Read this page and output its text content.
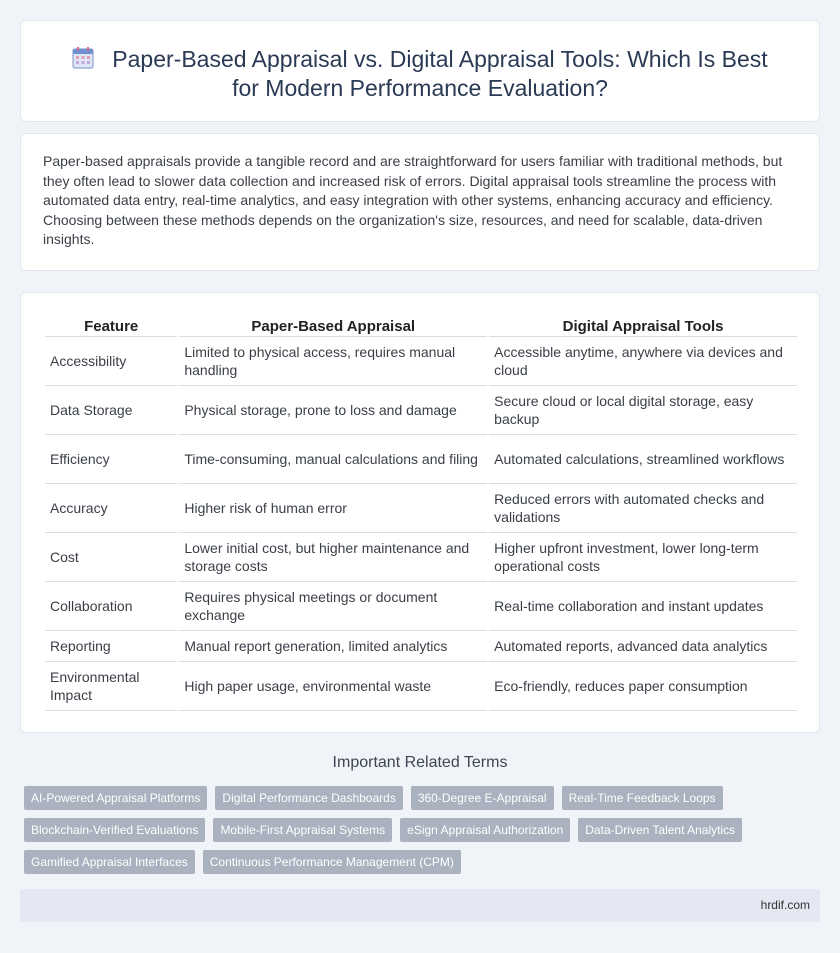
Paper-Based Appraisal vs. Digital Appraisal Tools: Which Is Best for Modern Performance Evaluation?

Paper-based appraisals provide a tangible record and are straightforward for users familiar with traditional methods, but they often lead to slower data collection and increased risk of errors. Digital appraisal tools streamline the process with automated data entry, real-time analytics, and easy integration with other systems, enhancing accuracy and efficiency. Choosing between these methods depends on the organization's size, resources, and need for scalable, data-driven insights.

Feature	Paper-Based Appraisal	Digital Appraisal Tools
Accessibility	Limited to physical access, requires manual handling	Accessible anytime, anywhere via devices and cloud
Data Storage	Physical storage, prone to loss and damage	Secure cloud or local digital storage, easy backup
Efficiency	Time-consuming, manual calculations and filing	Automated calculations, streamlined workflows
Accuracy	Higher risk of human error	Reduced errors with automated checks and validations
Cost	Lower initial cost, but higher maintenance and storage costs	Higher upfront investment, lower long-term operational costs
Collaboration	Requires physical meetings or document exchange	Real-time collaboration and instant updates
Reporting	Manual report generation, limited analytics	Automated reports, advanced data analytics
Environmental Impact	High paper usage, environmental waste	Eco-friendly, reduces paper consumption
Important Related Terms
AI-Powered Appraisal Platforms	Digital Performance Dashboards	360-Degree E-Appraisal	Real-Time Feedback Loops
Blockchain-Verified Evaluations	Mobile-First Appraisal Systems	eSign Appraisal Authorization	Data-Driven Talent Analytics
Gamified Appraisal Interfaces	Continuous Performance Management (CPM)
hrdif.com
